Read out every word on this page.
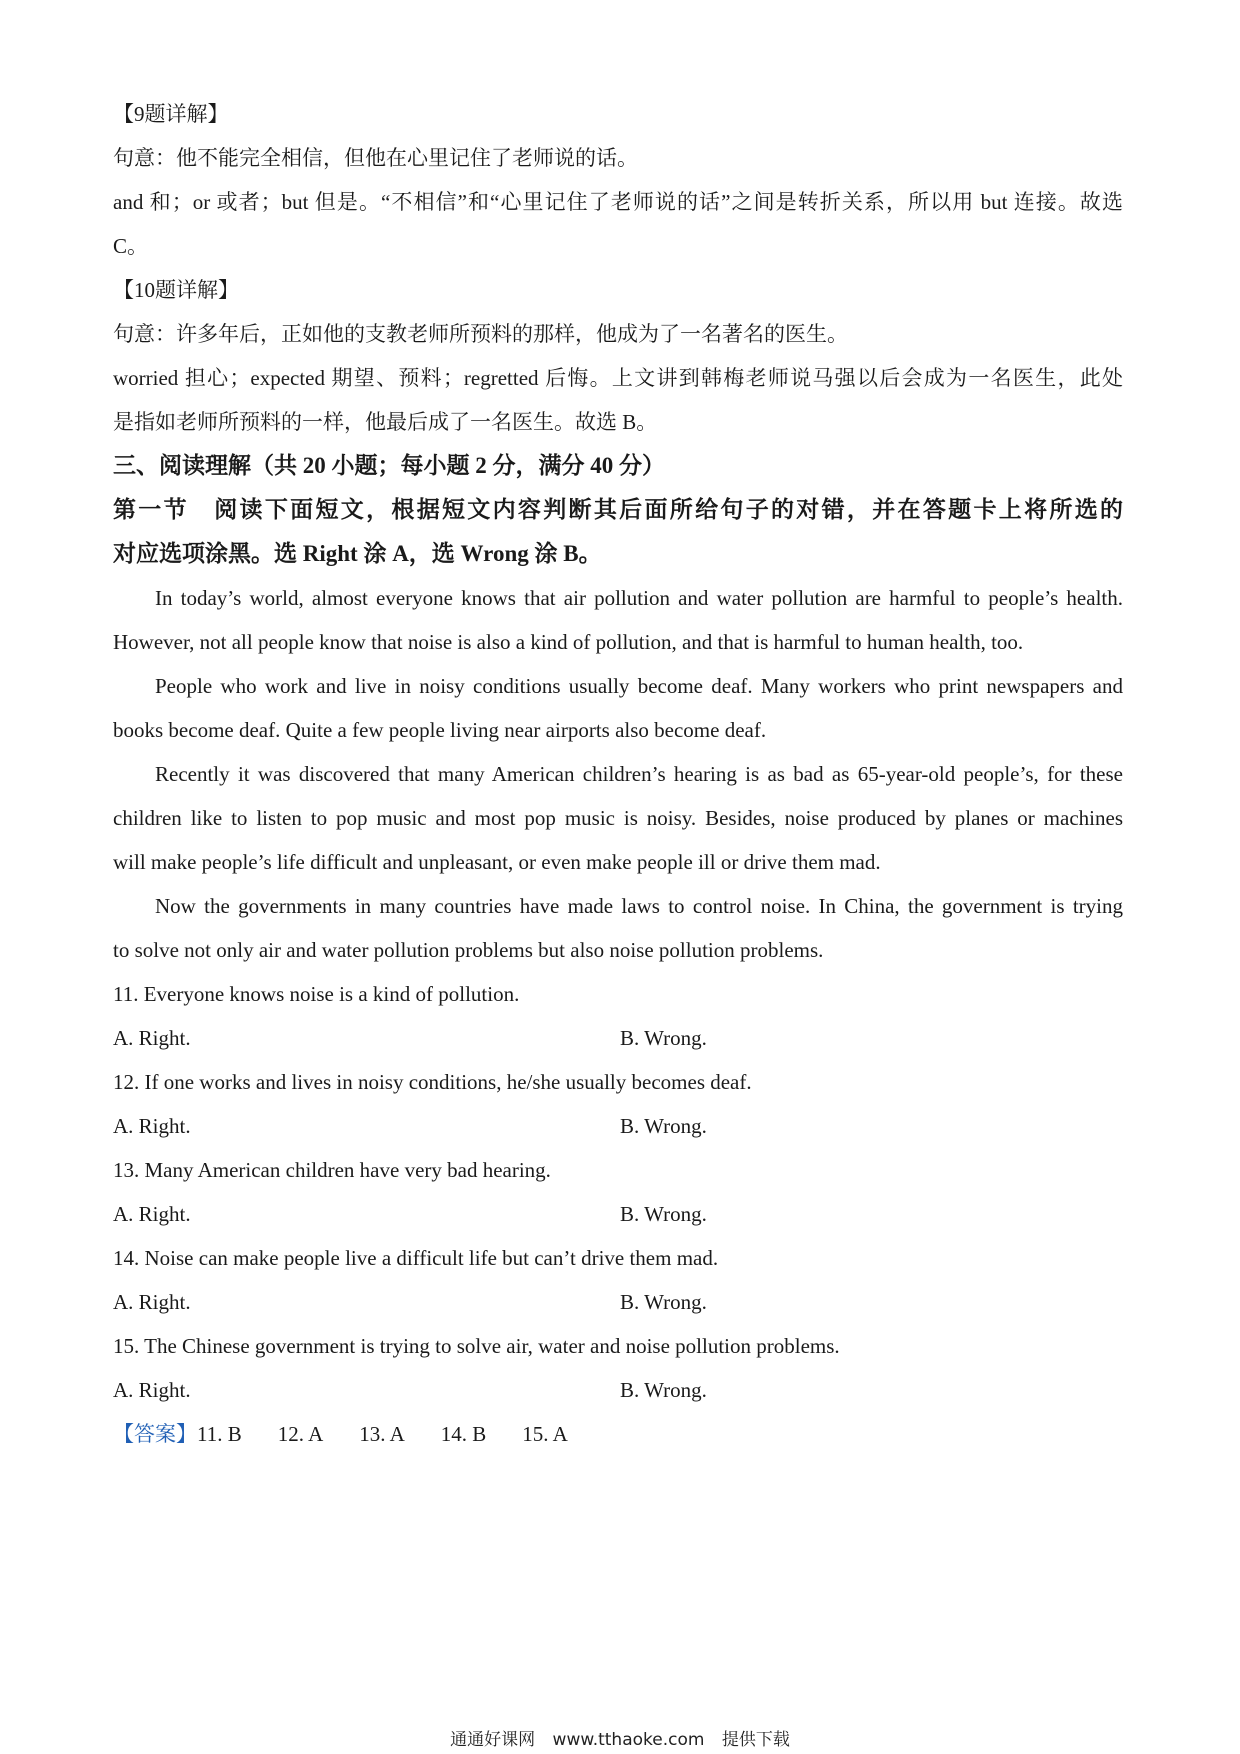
【9题详解】
句意：他不能完全相信，但他在心里记住了老师说的话。
and 和；or 或者；but 但是。“不相信”和“心里记住了老师说的话”之间是转折关系，所以用 but 连接。故选
C。
【10题详解】
句意：许多年后，正如他的支教老师所预料的那样，他成为了一名著名的医生。
worried 担心；expected 期望、预料；regretted 后悔。上文讲到韩梅老师说马强以后会成为一名医生，此处
是指如老师所预料的一样，他最后成了一名医生。故选 B。
三、阅读理解（共 20 小题；每小题 2 分，满分 40 分）
第一节　阅读下面短文，根据短文内容判断其后面所给句子的对错，并在答题卡上将所选的
对应选项涂黑。选 Right 涂 A，选 Wrong 涂 B。
In today’s world, almost everyone knows that air pollution and water pollution are harmful to people’s health.
However, not all people know that noise is also a kind of pollution, and that is harmful to human health, too.
People who work and live in noisy conditions usually become deaf. Many workers who print newspapers and
books become deaf. Quite a few people living near airports also become deaf.
Recently it was discovered that many American children’s hearing is as bad as 65-year-old people’s, for these
children like to listen to pop music and most pop music is noisy. Besides, noise produced by planes or machines
will make people’s life difficult and unpleasant, or even make people ill or drive them mad.
Now the governments in many countries have made laws to control noise. In China, the government is trying
to solve not only air and water pollution problems but also noise pollution problems.
11. Everyone knows noise is a kind of pollution.
A. Right.	B. Wrong.
12. If one works and lives in noisy conditions, he/she usually becomes deaf.
A. Right.	B. Wrong.
13. Many American children have very bad hearing.
A. Right.	B. Wrong.
14. Noise can make people live a difficult life but can’t drive them mad.
A. Right.	B. Wrong.
15. The Chinese government is trying to solve air, water and noise pollution problems.
A. Right.	B. Wrong.
【答案】11. B 12. A 13. A 14. B 15. A
通通好课网 www.tthaoke.com 提供下载
